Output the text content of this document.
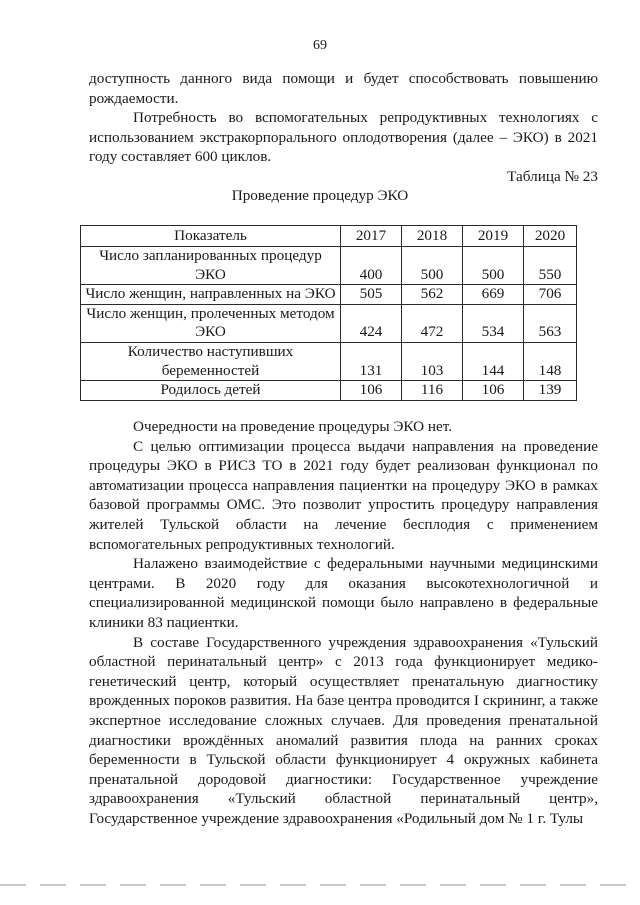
69

доступность данного вида помощи и будет способствовать повышению рождаемости.

Потребность во вспомогательных репродуктивных технологиях с использованием экстракорпорального оплодотворения (далее – ЭКО) в 2021 году составляет 600 циклов.

Таблица № 23
Проведение процедур ЭКО
Показатель	2017	2018	2019	2020
Число запланированных процедур ЭКО	400	500	500	550
Число женщин, направленных на ЭКО	505	562	669	706
Число женщин, пролеченных методом ЭКО	424	472	534	563
Количество наступивших беременностей	131	103	144	148
Родилось детей	106	116	106	139

Очередности на проведение процедуры ЭКО нет.

С целью оптимизации процесса выдачи направления на проведение процедуры ЭКО в РИСЗ ТО в 2021 году будет реализован функционал по автоматизации процесса направления пациентки на процедуру ЭКО в рамках базовой программы ОМС. Это позволит упростить процедуру направления жителей Тульской области на лечение бесплодия с применением вспомогательных репродуктивных технологий.

Налажено взаимодействие с федеральными научными медицинскими центрами. В 2020 году для оказания высокотехнологичной и специализированной медицинской помощи было направлено в федеральные клиники 83 пациентки.

В составе Государственного учреждения здравоохранения «Тульский областной перинатальный центр» с 2013 года функционирует медико-генетический центр, который осуществляет пренатальную диагностику врожденных пороков развития. На базе центра проводится I скрининг, а также экспертное исследование сложных случаев. Для проведения пренатальной диагностики врождённых аномалий развития плода на ранних сроках беременности в Тульской области функционирует 4 окружных кабинета пренатальной дородовой диагностики: Государственное учреждение здравоохранения «Тульский областной перинатальный центр», Государственное учреждение здравоохранения «Родильный дом № 1 г. Тулы
